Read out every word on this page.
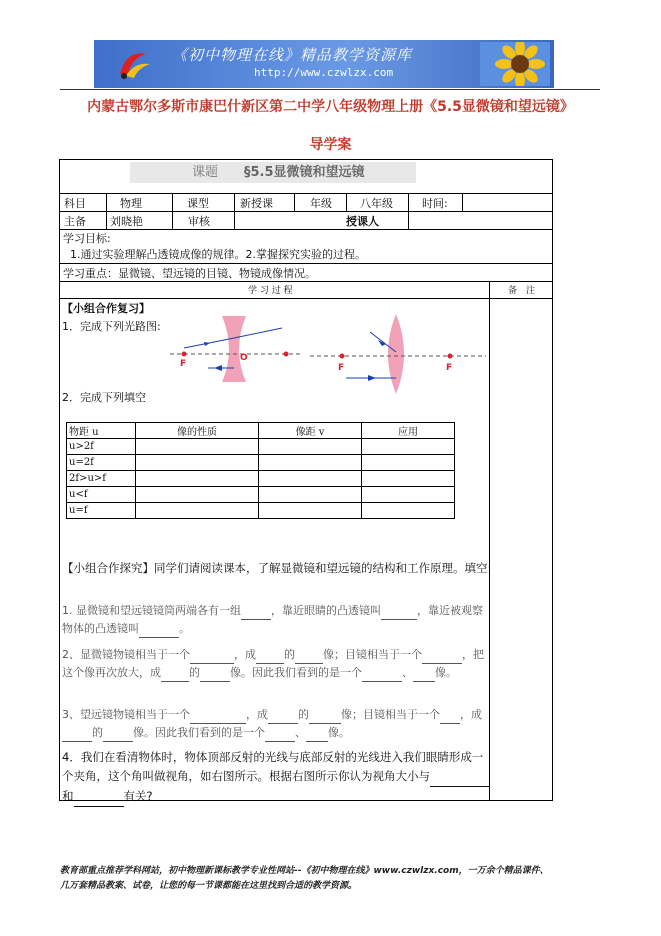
《初中物理在线》精品教学资源库
http://www.czwlzx.com
内蒙古鄂尔多斯市康巴什新区第二中学八年级物理上册《5.5显微镜和望远镜》
导学案
课题 §5.5显微镜和望远镜
科目	物理	课型	新授课	年级	八年级	时间:
主备 刘晓艳	审核	授课人
学习目标:
1.通过实验理解凸透镜成像的规律。2.掌握探究实验的过程。
学习重点：显微镜、望远镜的目镜、物镜成像情况。
学 习 过 程	备　注
【小组合作复习】
1．完成下列光路图:
F
O
F	F
2．完成下列填空
物距 u	像的性质	像距 v	应用
u>2f			
u=2f			
2f>u>f			
u<f			
u=f			
【小组合作探究】同学们请阅读课本，了解显微镜和望远镜的结构和工作原理。填空:
1. 显微镜和望远镜镜筒两端各有一组	，靠近眼睛的凸透镜叫	，靠近被观察物体的凸透镜叫	。
2、显微镜物镜相当于一个	，成	的	像；目镜相当于一个	，把这个像再次放大，成	的	像。因此我们看到的是一个	、 像。
3、望远镜物镜相当于一个	，成	的	像；目镜相当于一个 ，成 的	像。因此我们看到的是一个	、 像。
4．我们在看清物体时，物体顶部反射的光线与底部反射的光线进入我们眼睛形成一个夹角，这个角叫做视角，如右图所示。根据右图所示你认为视角大小与  和	有关?
教育部重点推荐学科网站，初中物理新课标教学专业性网站--《初中物理在线》www.czwlzx.com，一万余个精品课件、
几万套精品教案、试卷，让您的每一节课都能在这里找到合适的教学资源。
